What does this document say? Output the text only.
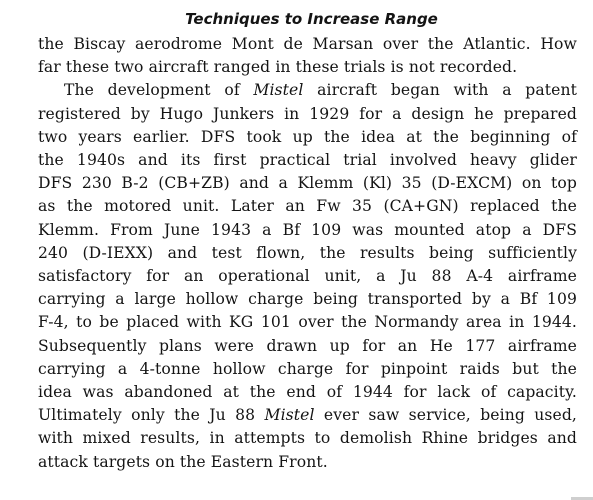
Techniques to Increase Range
the Biscay aerodrome Mont de Marsan over the Atlantic. How
far these two aircraft ranged in these trials is not recorded.
The development of Mistel aircraft began with a patent
registered by Hugo Junkers in 1929 for a design he prepared
two years earlier. DFS took up the idea at the beginning of
the 1940s and its first practical trial involved heavy glider
DFS 230 B-2 (CB+ZB) and a Klemm (Kl) 35 (D-EXCM) on top
as the motored unit. Later an Fw 35 (CA+GN) replaced the
Klemm. From June 1943 a Bf 109 was mounted atop a DFS
240 (D-IEXX) and test flown, the results being sufficiently
satisfactory for an operational unit, a Ju 88 A-4 airframe
carrying a large hollow charge being transported by a Bf 109
F-4, to be placed with KG 101 over the Normandy area in 1944.
Subsequently plans were drawn up for an He 177 airframe
carrying a 4-tonne hollow charge for pinpoint raids but the
idea was abandoned at the end of 1944 for lack of capacity.
Ultimately only the Ju 88 Mistel ever saw service, being used,
with mixed results, in attempts to demolish Rhine bridges and
attack targets on the Eastern Front.
